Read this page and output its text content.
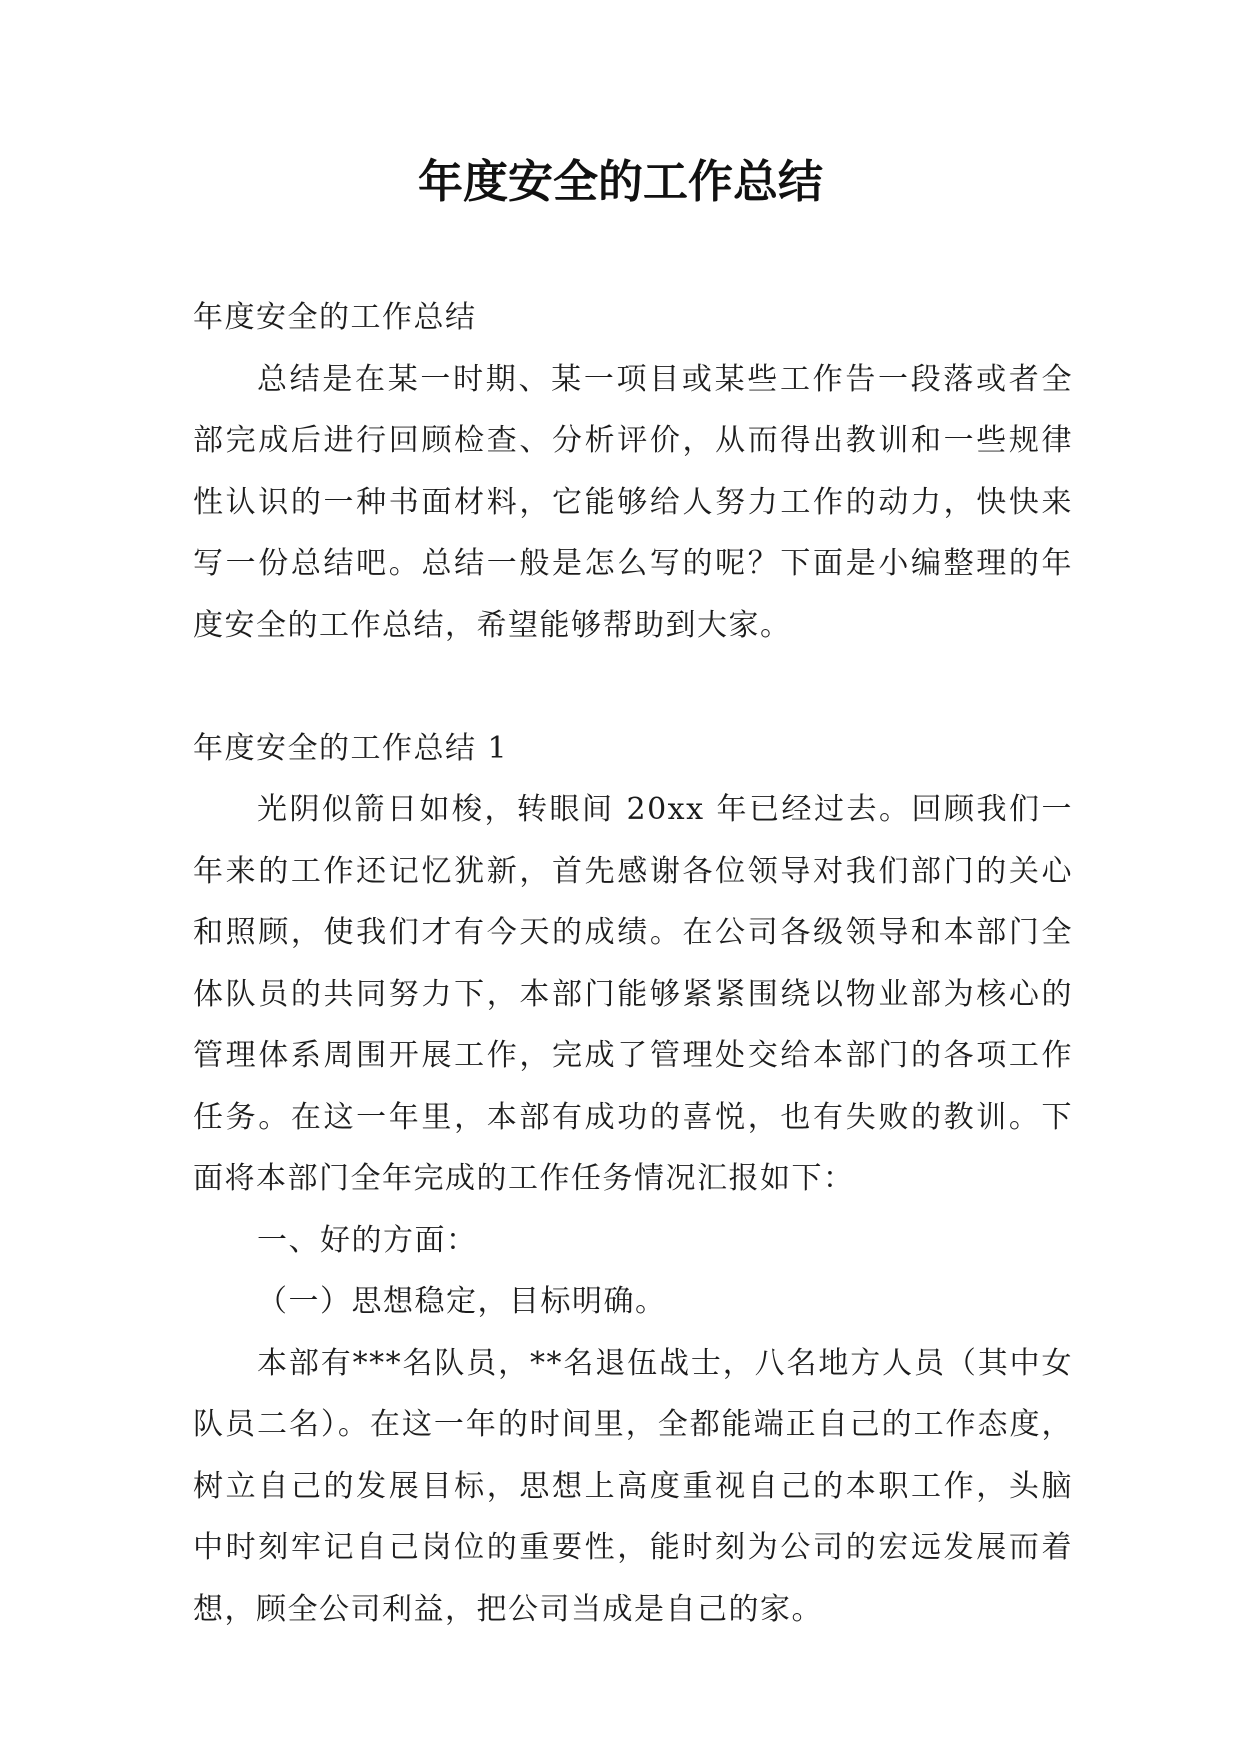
年度安全的工作总结

年度安全的工作总结

总结是在某一时期、某一项目或某些工作告一段落或者全部完成后进行回顾检查、分析评价，从而得出教训和一些规律性认识的一种书面材料，它能够给人努力工作的动力，快快来写一份总结吧。总结一般是怎么写的呢？下面是小编整理的年度安全的工作总结，希望能够帮助到大家。

年度安全的工作总结 1

光阴似箭日如梭，转眼间 20xx 年已经过去。回顾我们一年来的工作还记忆犹新，首先感谢各位领导对我们部门的关心和照顾，使我们才有今天的成绩。在公司各级领导和本部门全体队员的共同努力下，本部门能够紧紧围绕以物业部为核心的管理体系周围开展工作，完成了管理处交给本部门的各项工作任务。在这一年里，本部有成功的喜悦，也有失败的教训。下面将本部门全年完成的工作任务情况汇报如下：

一、好的方面：

（一）思想稳定，目标明确。

本部有***名队员，**名退伍战士，八名地方人员（其中女队员二名）。在这一年的时间里，全都能端正自己的工作态度，树立自己的发展目标，思想上高度重视自己的本职工作，头脑中时刻牢记自己岗位的重要性，能时刻为公司的宏远发展而着想，顾全公司利益，把公司当成是自己的家。
